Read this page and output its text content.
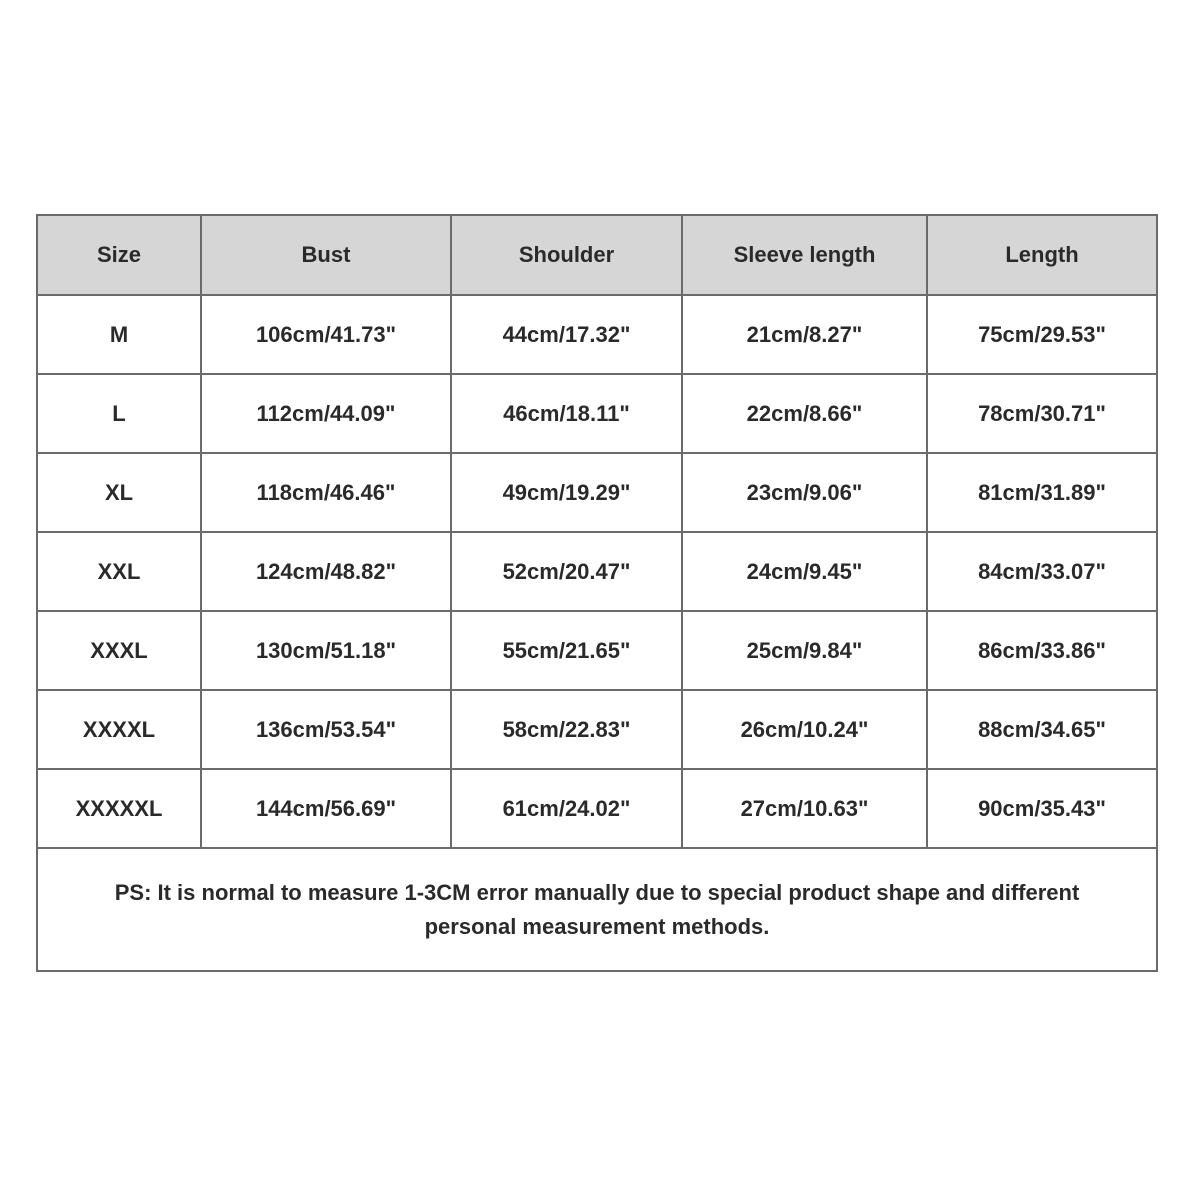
Size	Bust	Shoulder	Sleeve length	Length
M	106cm/41.73"	44cm/17.32"	21cm/8.27"	75cm/29.53"
L	112cm/44.09"	46cm/18.11"	22cm/8.66"	78cm/30.71"
XL	118cm/46.46"	49cm/19.29"	23cm/9.06"	81cm/31.89"
XXL	124cm/48.82"	52cm/20.47"	24cm/9.45"	84cm/33.07"
XXXL	130cm/51.18"	55cm/21.65"	25cm/9.84"	86cm/33.86"
XXXXL	136cm/53.54"	58cm/22.83"	26cm/10.24"	88cm/34.65"
XXXXXL	144cm/56.69"	61cm/24.02"	27cm/10.63"	90cm/35.43"
PS: It is normal to measure 1-3CM error manually due to special product shape and different personal measurement methods.				
